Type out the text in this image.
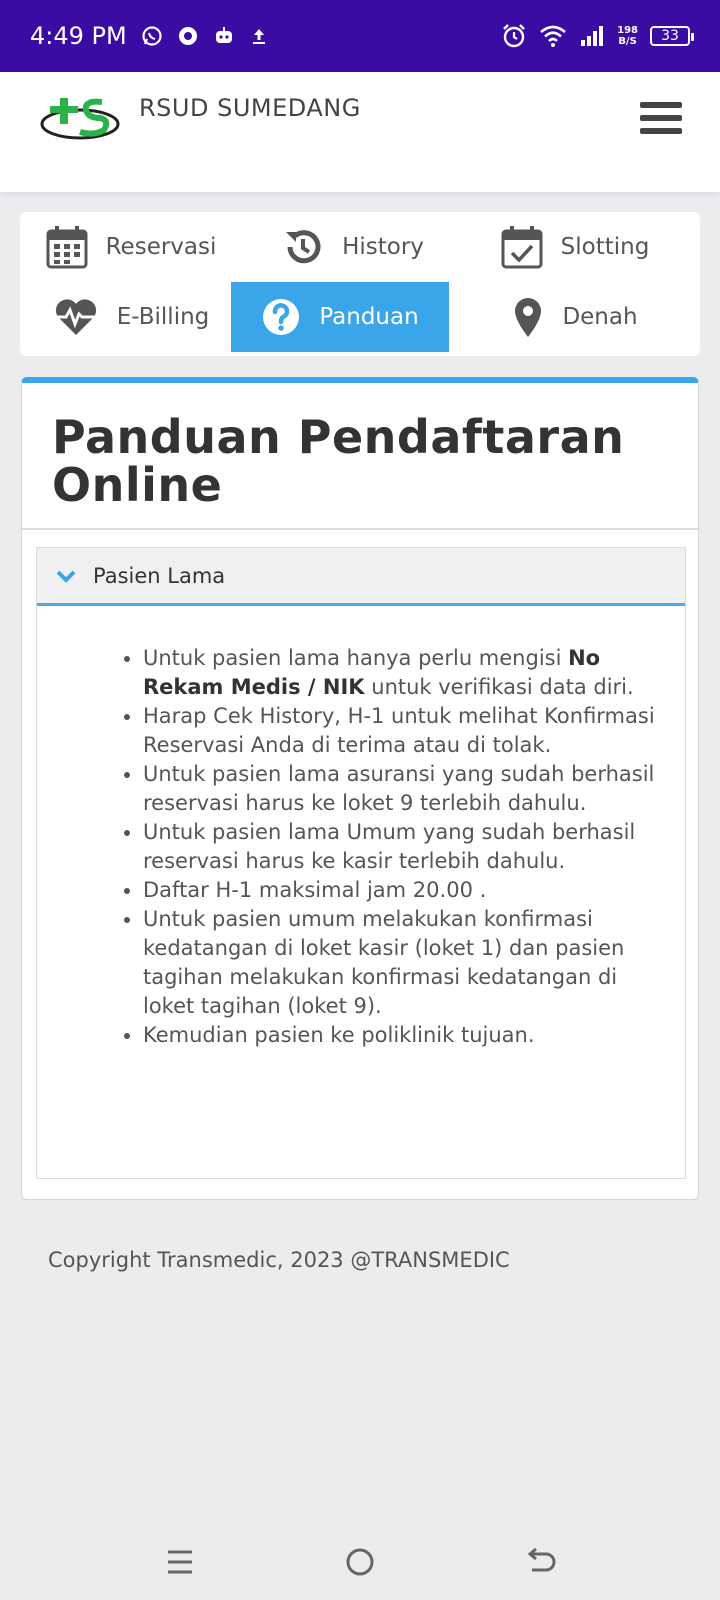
4:49 PM	198
B/S 33
RSUD SUMEDANG
Reservasi	History	Slotting
E-Billing	Panduan	Denah
Panduan Pendaftaran
Online
Pasien Lama
• Untuk pasien lama hanya perlu mengisi No Rekam Medis / NIK untuk verifikasi data diri.
• Harap Cek History, H-1 untuk melihat Konfirmasi Reservasi Anda di terima atau di tolak.
• Untuk pasien lama asuransi yang sudah berhasil reservasi harus ke loket 9 terlebih dahulu.
• Untuk pasien lama Umum yang sudah berhasil reservasi harus ke kasir terlebih dahulu.
• Daftar H-1 maksimal jam 20.00 .
• Untuk pasien umum melakukan konfirmasi kedatangan di loket kasir (loket 1) dan pasien tagihan melakukan konfirmasi kedatangan di loket tagihan (loket 9).
• Kemudian pasien ke poliklinik tujuan.
Copyright Transmedic, 2023 @TRANSMEDIC
